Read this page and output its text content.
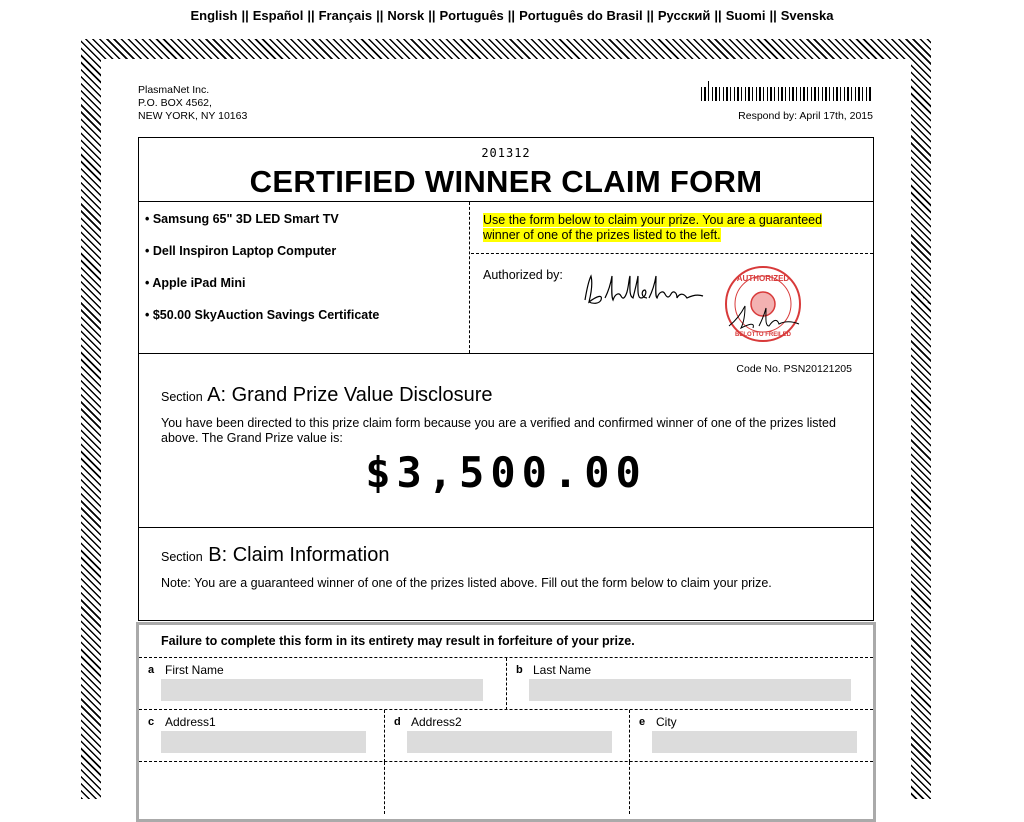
English || Español || Français || Norsk || Português || Português do Brasil || Русский || Suomi || Svenska
PlasmaNet Inc.
P.O. BOX 4562,
NEW YORK, NY 10163	Respond by: April 17th, 2015
201312
CERTIFIED WINNER CLAIM FORM
• Samsung 65" 3D LED Smart TV
• Dell Inspiron Laptop Computer
• Apple iPad Mini
• $50.00 SkyAuction Savings Certificate
Use the form below to claim your prize. You are a guaranteed winner of one of the prizes listed to the left.
Authorized by:	AUTHORIZED
BELOTTO FREILED
Code No. PSN20121205
Section A: Grand Prize Value Disclosure
You have been directed to this prize claim form because you are a verified and confirmed winner of one of the prizes listed above. The Grand Prize value is:
$3,500.00
Section B: Claim Information
Note: You are a guaranteed winner of one of the prizes listed above. Fill out the form below to claim your prize.
Failure to complete this form in its entirety may result in forfeiture of your prize.
a First Name	b Last Name
c Address1	d Address2	e City
